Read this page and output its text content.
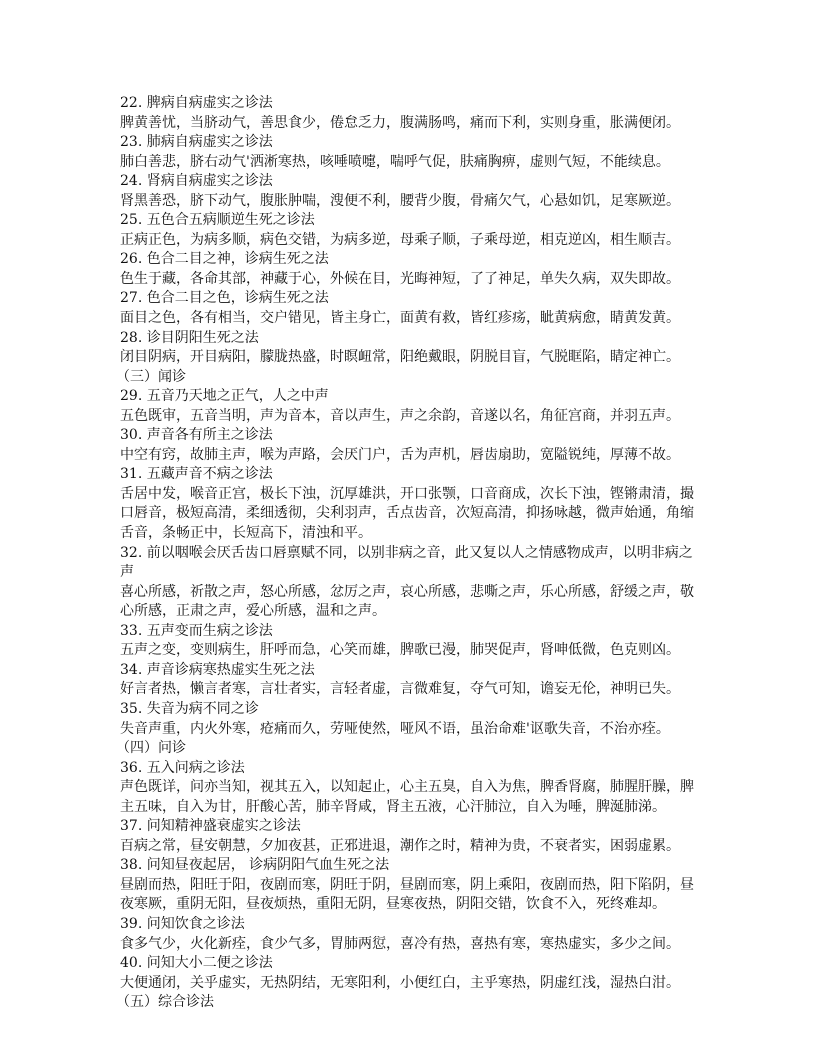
22. 脾病自病虚实之诊法

脾黄善忧，当脐动气，善思食少，倦怠乏力，腹满肠鸣，痛而下利，实则身重，胀满便闭。

23. 肺病自病虚实之诊法

肺白善悲，脐右动气'洒淅寒热，咳唾喷嚏，喘呼气促，肤痛胸痹，虚则气短，不能续息。

24. 肾病自病虚实之诊法

肾黑善恐，脐下动气，腹胀肿喘，溲便不利，腰背少腹，骨痛欠气，心悬如饥，足寒厥逆。

25. 五色合五病顺逆生死之诊法

正病正色，为病多顺，病色交错，为病多逆，母乘子顺，子乘母逆，相克逆凶，相生顺吉。

26. 色合二目之神，诊病生死之法

色生于藏，各命其部，神藏于心，外候在目，光晦神短，了了神足，单失久病，双失即故。

27. 色合二目之色，诊病生死之法

面目之色，各有相当，交户错见，皆主身亡，面黄有救，皆红疹疡，眦黄病愈，睛黄发黄。

28. 诊目阴阳生死之法

闭目阴病，开目病阳，朦胧热盛，时瞑衄常，阳绝戴眼，阴脱目盲，气脱眶陷，睛定神亡。

（三）闻诊

29. 五音乃天地之正气，人之中声

五色既审，五音当明，声为音本，音以声生，声之余韵，音遂以名，角征宫商，并羽五声。

30. 声音各有所主之诊法

中空有窍，故肺主声，喉为声路，会厌门户，舌为声机，唇齿扇助，宽隘锐纯，厚薄不故。

31. 五藏声音不病之诊法

舌居中发，喉音正宫，极长下浊，沉厚雄洪，开口张颚，口音商成，次长下浊，铿锵肃清，撮口唇音，极短高清，柔细透彻，尖利羽声，舌点齿音，次短高清，抑扬咏越，微声始通，角缩舌音，条畅正中，长短高下，清浊和平。

32. 前以咽喉会厌舌齿口唇禀赋不同，以别非病之音，此又复以人之情感物成声，以明非病之声

喜心所感，祈散之声，怒心所感，忿厉之声，哀心所感，悲嘶之声，乐心所感，舒缓之声，敬心所感，正肃之声，爱心所感，温和之声。

33. 五声变而生病之诊法

五声之变，变则病生，肝呼而急，心笑而雄，脾歌已漫，肺哭促声，肾呻低微，色克则凶。

34. 声音诊病寒热虚实生死之法

好言者热，懒言者寒，言壮者实，言轻者虚，言微难复，夺气可知，谵妄无伦，神明已失。

35. 失音为病不同之诊

失音声重，内火外寒，疮痛而久，劳哑使然，哑风不语，虽治命难'讴歌失音，不治亦痊。

（四）问诊

36. 五入问病之诊法

声色既详，问亦当知，视其五入，以知起止，心主五臭，自入为焦，脾香肾腐，肺腥肝臊，脾主五味，自入为甘，肝酸心苦，肺辛肾咸，肾主五液，心汗肺泣，自入为唾，脾涎肺涕。

37. 问知精神盛衰虚实之诊法

百病之常，昼安朝慧，夕加夜甚，正邪进退，潮作之时，精神为贵，不衰者实，困弱虚累。

38. 问知昼夜起居， 诊病阴阳气血生死之法

昼剧而热，阳旺于阳，夜剧而寒，阴旺于阴，昼剧而寒，阴上乘阳，夜剧而热，阳下陷阴，昼夜寒厥，重阴无阳，昼夜烦热，重阳无阴，昼寒夜热，阴阳交错，饮食不入，死终难却。

39. 问知饮食之诊法

食多气少，火化新痊，食少气多，胃肺两愆，喜冷有热，喜热有寒，寒热虚实，多少之间。

40. 问知大小二便之诊法

大便通闭，关乎虚实，无热阴结，无寒阳利，小便红白，主乎寒热，阴虚红浅，湿热白泔。

（五）综合诊法
